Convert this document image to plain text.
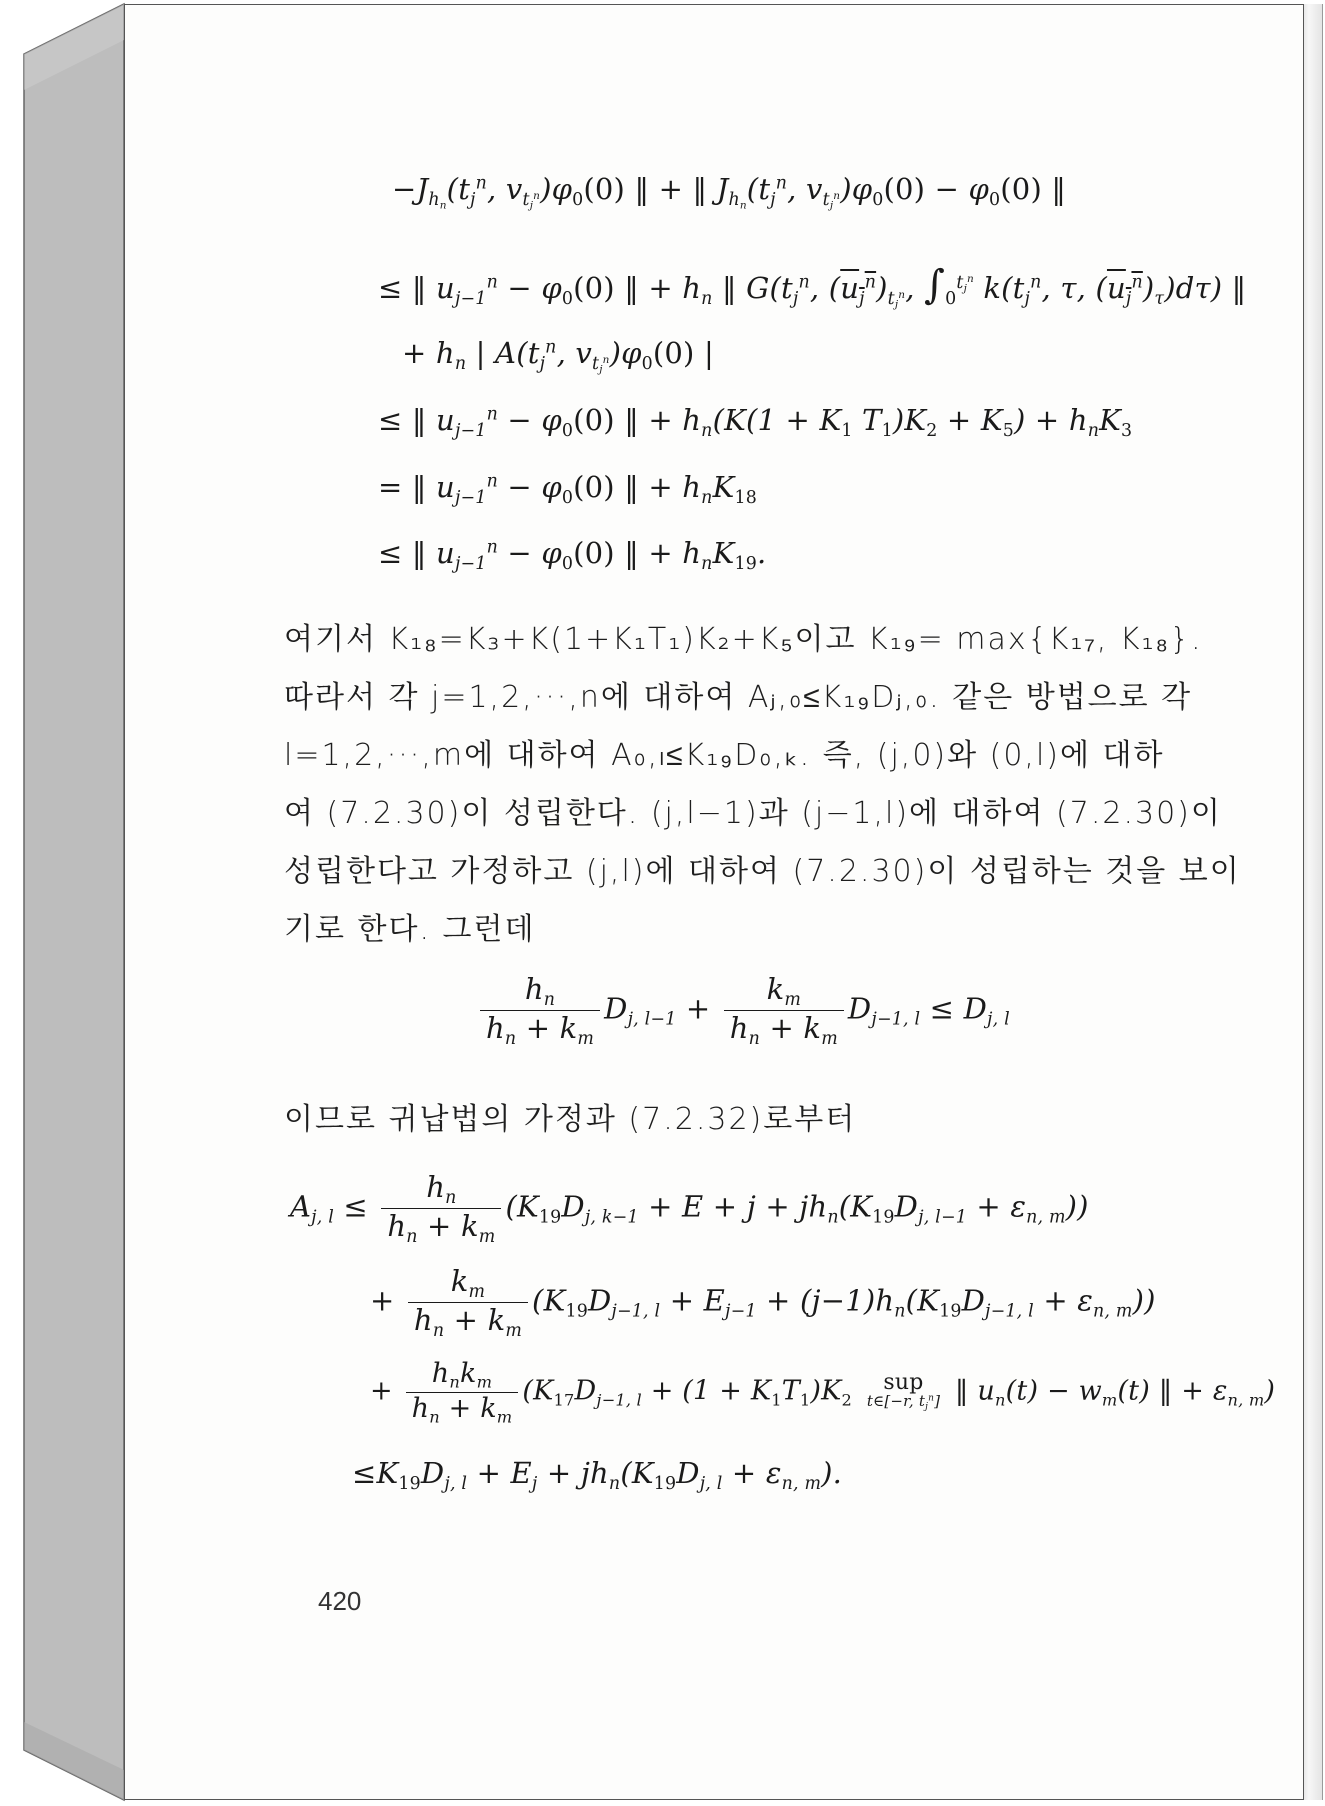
$-J_{h_n}(t_j^n$, $v_{t_j^n})\varphi_0(0)$ ‖ + ‖ $J_{h_n}(t_j^n$, $v_{t_j^n})\varphi_0(0) - \varphi_0(0)$ ‖
≤ ‖ $u_{j-1}^n - \varphi_0(0)$ ‖ + $h_n$ ‖ $G(t_j^n$, $(u_j^n)_{t_j^n}$, $\int_0^{t_j^n}$ $k(t_j^n$, τ, $(u_j^n)_\tau)d\tau$) ‖
+ $h_n$ | $A(t_j^n$, $v_{t_j^n})\varphi_0(0)$ |
≤ ‖ $u_{j-1}^n - \varphi_0(0)$ ‖ + $h_n(K(1 + K_1$ $T_1)K_2 + K_5) + h_nK_3$
= ‖ $u_{j-1}^n - \varphi_0(0)$ ‖ + $h_nK_{18}$
≤ ‖ $u_{j-1}^n - \varphi_0(0)$ ‖ + $h_nK_{19}$.
여기서 K₁₈=K₃+K(1+K₁T₁)K₂+K₅이고 K₁₉= max{K₁₇, K₁₈}.
따라서 각 j=1,2,···,n에 대하여 Aⱼ,₀≤K₁₉Dⱼ,₀. 같은 방법으로 각
l=1,2,···,m에 대하여 A₀,ₗ≤K₁₉D₀,ₖ. 즉, (j,0)와 (0,l)에 대하
여 (7.2.30)이 성립한다. (j,l−1)과 (j−1,l)에 대하여 (7.2.30)이
성립한다고 가정하고 (j,l)에 대하여 (7.2.30)이 성립하는 것을 보이
기로 한다. 그런데
$\frac{h_n}{h_n + k_m} D_{j, l-1} + \frac{k_m}{h_n + k_m} D_{j-1, l} \le D_{j, l}$
이므로 귀납법의 가정과 (7.2.32)로부터
$A_{j, l} \le \frac{h_n}{h_n + k_m} (K_{19}D_{j, k-1} + E + j + jh_n(K_{19}D_{j, l-1} + \varepsilon_{n, m}))$
+ $\frac{k_m}{h_n + k_m} (K_{19}D_{j-1, l} + E_{j-1} + (j-1)h_n(K_{19}D_{j-1, l} + \varepsilon_{n, m}))$
+ $\frac{h_nk_m}{h_n + k_m} (K_{17}D_{j-1, l} + (1 + K_1T_1)K_2$
sup
t∈[−r, $t_j^n$] ‖ $u_n(t) - w_m(t)$ ‖ + $\varepsilon_{n, m}$)
$\le K_{19}D_{j, l} + E_j + jh_n(K_{19}D_{j, l} + \varepsilon_{n, m})$.
420
